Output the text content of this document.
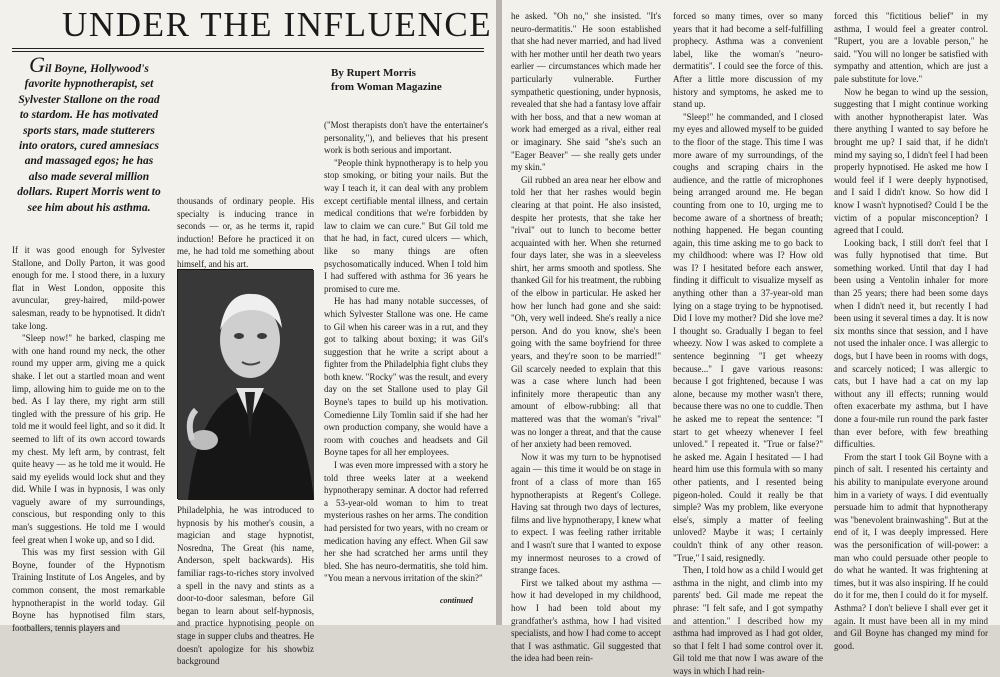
UNDER THE INFLUENCE
Gil Boyne, Hollywood's favorite hypnotherapist, set Sylvester Stallone on the road to stardom. He has motivated sports stars, made stutterers into orators, cured amnesiacs and massaged egos; he has also made several million dollars. Rupert Morris went to see him about his asthma.
By Rupert Morris
from Woman Magazine

If it was good enough for Sylvester Stallone, and Dolly Parton, it was good enough for me. I stood there, in a luxury flat in West London, opposite this avuncular, grey-haired, mild-power salesman, ready to be hypnotised. It didn't take long.

"Sleep now!" he barked, clasping me with one hand round my neck, the other round my upper arm, giving me a quick shake. I let out a startled moan and went limp, allowing him to guide me on to the bed. As I lay there, my right arm still tingled with the pressure of his grip. He told me it would feel light, and so it did. It seemed to lift of its own accord towards my chest. My left arm, by contrast, felt quite heavy — as he told me it would. He said my eyelids would lock shut and they did. While I was in hypnosis, I was only vaguely aware of my surroundings, conscious, but responding only to this man's suggestions. He told me I would feel great when I woke up, and so I did.

This was my first session with Gil Boyne, founder of the Hypnotism Training Institute of Los Angeles, and by common consent, the most remarkable hypnotherapist in the world today. Gil Boyne has hypnotised film stars, footballers, tennis players and

thousands of ordinary people. His specialty is inducing trance in seconds — or, as he terms it, rapid induction! Before he practiced it on me, he had told me something about himself, and his art.

Philadelphia, he was introduced to hypnosis by his mother's cousin, a magician and stage hypnotist, Nosredna, The Great (his name, Anderson, spelt backwards). His familiar rags-to-riches story involved a spell in the navy and stints as a door-to-door salesman, before Gil began to learn about self-hypnosis, and practice hypnotising people on stage in supper clubs and theatres. He doesn't apologize for his showbiz background

("Most therapists don't have the entertainer's personality,"), and believes that his present work is both serious and important.

"People think hypnotherapy is to help you stop smoking, or biting your nails. But the way I teach it, it can deal with any problem except certifiable mental illness, and certain medical conditions that we're forbidden by law to claim we can cure." But Gil told me that he had, in fact, cured ulcers — which, like so many things are often psychosomatically induced. When I told him I had suffered with asthma for 36 years he promised to cure me.

He has had many notable successes, of which Sylvester Stallone was one. He came to Gil when his career was in a rut, and they got to talking about boxing; it was Gil's suggestion that he write a script about a fighter from the Philadelphia fight clubs they both knew. "Rocky" was the result, and every day on the set Stallone used to play Gil Boyne's tapes to build up his motivation. Comedienne Lily Tomlin said if she had her own production company, she would have a room with couches and headsets and Gil Boyne tapes for all her employees.

I was even more impressed with a story he told three weeks later at a weekend hypnotherapy seminar. A doctor had referred a 53-year-old woman to him to treat mysterious rashes on her arms. The condition had persisted for two years, with no cream or medication having any effect. When Gil saw her she had scratched her arms until they bled. She has neuro-dermatitis, she told him. "You mean a nervous irritation of the skin?"

continued

he asked. "Oh no," she insisted. "It's neuro-dermatitis." He soon established that she had never married, and had lived with her mother until her death two years earlier — circumstances which made her particularly vulnerable. Further sympathetic questioning, under hypnosis, revealed that she had a fantasy love affair with her boss, and that a new woman at work had emerged as a rival, either real or imaginary. She said "she's such an "Eager Beaver" — she really gets under my skin."

Gil rubbed an area near her elbow and told her that her rashes would begin clearing at that point. He also insisted, despite her protests, that she take her "rival" out to lunch to become better acquainted with her. When she returned four days later, she was in a sleeveless shirt, her arms smooth and spotless. She thanked Gil for his treatment, the rubbing of the elbow in particular. He asked her how her lunch had gone and she said: "Oh, very well indeed. She's really a nice person. And do you know, she's been going with the same boyfriend for three years, and they're soon to be married!" Gil scarcely needed to explain that this was a case where lunch had been infinitely more therapeutic than any amount of elbow-rubbing: all that mattered was that the woman's "rival" was no longer a threat, and that the cause of her anxiety had been removed.

Now it was my turn to be hypnotised again — this time it would be on stage in front of a class of more than 165 hypnotherapists at Regent's College. Having sat through two days of lectures, films and live hypnotherapy, I knew what to expect. I was feeling rather irritable and I wasn't sure that I wanted to expose my innermost neuroses to a crowd of strange faces.

First we talked about my asthma — how it had developed in my childhood, how I had been told about my grandfather's asthma, how I had visited specialists, and how I had come to accept that I was asthmatic. Gil suggested that the idea had been rein-

forced so many times, over so many years that it had become a self-fulfilling prophecy. Asthma was a convenient label, like the woman's "neuro-dermatitis". I could see the force of this. After a little more discussion of my history and symptoms, he asked me to stand up.

"Sleep!" he commanded, and I closed my eyes and allowed myself to be guided to the floor of the stage. This time I was more aware of my surroundings, of the coughs and scraping chairs in the audience, and the rattle of microphones being arranged around me. He began counting from one to 10, urging me to become aware of a shortness of breath; nothing happened. He began counting again, this time asking me to go back to my childhood: where was I? How old was I? I hesitated before each answer, finding it difficult to visualize myself as anything other than a 37-year-old man lying on a stage trying to be hypnotised. Did I love my mother? Did she love me? I thought so. Gradually I began to feel wheezy. Now I was asked to complete a sentence beginning "I get wheezy because..." I gave various reasons: because I got frightened, because I was alone, because my mother wasn't there, because there was no one to cuddle. Then he asked me to repeat the sentence: "I start to get wheezy whenever I feel unloved." I repeated it. "True or false?" he asked me. Again I hesitated — I had heard him use this formula with so many other patients, and I resented being pigeon-holed. Could it really be that simple? Was my problem, like everyone else's, simply a matter of feeling unloved? Maybe it was; I certainly couldn't think of any other reason. "True," I said, resignedly.

Then, I told how as a child I would get asthma in the night, and climb into my parents' bed. Gil made me repeat the phrase: "I felt safe, and I got sympathy and attention." I described how my asthma had improved as I had got older, so that I felt I had some control over it. Gil told me that now I was aware of the ways in which I had rein-

forced this "fictitious belief" in my asthma, I would feel a greater control. "Rupert, you are a lovable person," he said. "You will no longer be satisfied with sympathy and attention, which are just a pale substitute for love."

Now he began to wind up the session, suggesting that I might continue working with another hypnotherapist later. Was there anything I wanted to say before he brought me up? I said that, if he didn't mind my saying so, I didn't feel I had been properly hypnotised. He asked me how I would feel if I were deeply hypnotised, and I said I didn't know. So how did I know I wasn't hypnotised? Could I be the victim of a popular misconception? I agreed that I could.

Looking back, I still don't feel that I was fully hypnotised that time. But something worked. Until that day I had been using a Ventolin inhaler for more than 25 years; there had been some days when I didn't need it, but recently I had been using it several times a day. It is now six months since that session, and I have not used the inhaler once. I was allergic to dogs, but I have been in rooms with dogs, and scarcely noticed; I was allergic to cats, but I have had a cat on my lap without any ill effects; running would often exacerbate my asthma, but I have done a four-mile run round the park faster than ever before, with few breathing difficulties.

From the start I took Gil Boyne with a pinch of salt. I resented his certainty and his ability to manipulate everyone around him in a variety of ways. I did eventually persuade him to admit that hypnotherapy was "benevolent brainwashing". But at the end of it, I was deeply impressed. Here was the personification of will-power: a man who could persuade other people to do what he wanted. It was frightening at times, but it was also inspiring. If he could do it for me, then I could do it for myself. Asthma? I don't believe I shall ever get it again. It must have been all in my mind and Gil Boyne has changed my mind for good.
